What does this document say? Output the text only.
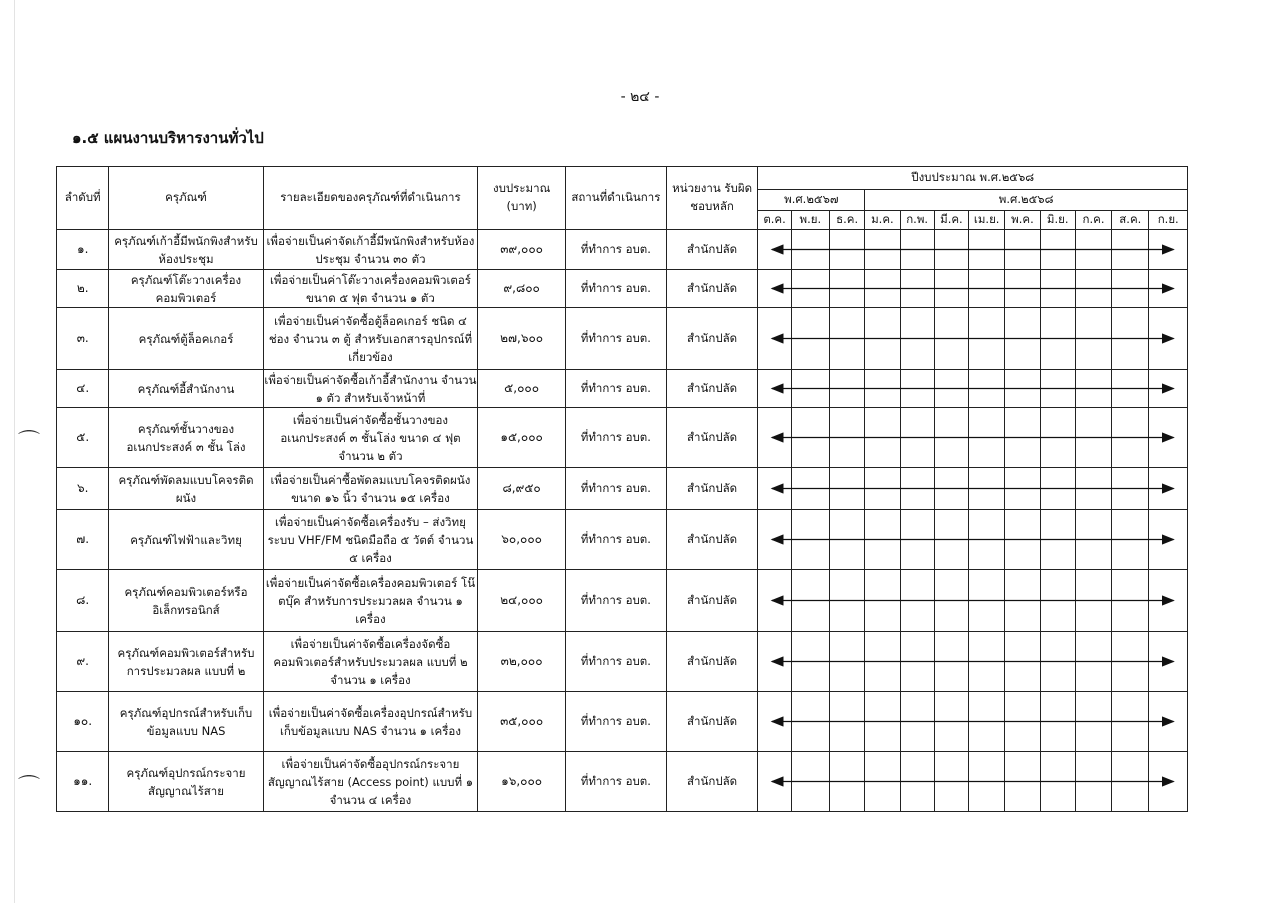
⌒
⌒
- ๒๔ -
๑.๕ แผนงานบริหารงานทั่วไป
ลำดับที่	ครุภัณฑ์	รายละเอียดของครุภัณฑ์ที่ดำเนินการ	งบประมาณ (บาท)	สถานที่ดำเนินการ	หน่วยงาน รับผิดชอบหลัก	ปีงบประมาณ พ.ศ.๒๕๖๘											
						พ.ศ.๒๕๖๗			พ.ศ.๒๕๖๘								
						ต.ค.	พ.ย.	ธ.ค.	ม.ค.	ก.พ.	มี.ค.	เม.ย.	พ.ค.	มิ.ย.	ก.ค.	ส.ค.	ก.ย.
๑.	ครุภัณฑ์เก้าอี้มีพนักพิงสำหรับห้องประชุม	เพื่อจ่ายเป็นค่าจัดเก้าอี้มีพนักพิงสำหรับห้องประชุม จำนวน ๓๐ ตัว	๓๙,๐๐๐	ที่ทำการ อบต.	สำนักปลัด												
๒.	ครุภัณฑ์โต๊ะวางเครื่องคอมพิวเตอร์	เพื่อจ่ายเป็นค่าโต๊ะวางเครื่องคอมพิวเตอร์ ขนาด ๕ ฟุต จำนวน ๑ ตัว	๙,๘๐๐	ที่ทำการ อบต.	สำนักปลัด												
๓.	ครุภัณฑ์ตู้ล็อคเกอร์	เพื่อจ่ายเป็นค่าจัดซื้อตู้ล็อคเกอร์ ชนิด ๔ ช่อง จำนวน ๓ ตู้ สำหรับเอกสารอุปกรณ์ที่เกี่ยวข้อง	๒๗,๖๐๐	ที่ทำการ อบต.	สำนักปลัด												
๔.	ครุภัณฑ์อี้สำนักงาน	เพื่อจ่ายเป็นค่าจัดซื้อเก้าอี้สำนักงาน จำนวน ๑ ตัว สำหรับเจ้าหน้าที่	๕,๐๐๐	ที่ทำการ อบต.	สำนักปลัด												
๕.	ครุภัณฑ์ชั้นวางของอเนกประสงค์ ๓ ชั้น โล่ง	เพื่อจ่ายเป็นค่าจัดซื้อชั้นวางของอเนกประสงค์ ๓ ชั้นโล่ง ขนาด ๔ ฟุต จำนวน ๒ ตัว	๑๕,๐๐๐	ที่ทำการ อบต.	สำนักปลัด												
๖.	ครุภัณฑ์พัดลมแบบโคจรติดผนัง	เพื่อจ่ายเป็นค่าซื้อพัดลมแบบโคจรติดผนัง ขนาด ๑๖ นิ้ว จำนวน ๑๕ เครื่อง	๘,๙๕๐	ที่ทำการ อบต.	สำนักปลัด												
๗.	ครุภัณฑ์ไฟฟ้าและวิทยุ	เพื่อจ่ายเป็นค่าจัดซื้อเครื่องรับ – ส่งวิทยุ ระบบ VHF/FM ชนิดมือถือ ๕ วัตต์ จำนวน ๕ เครื่อง	๖๐,๐๐๐	ที่ทำการ อบต.	สำนักปลัด												
๘.	ครุภัณฑ์คอมพิวเตอร์หรืออิเล็กทรอนิกส์	เพื่อจ่ายเป็นค่าจัดซื้อเครื่องคอมพิวเตอร์ โน๊ตบุ๊ค สำหรับการประมวลผล จำนวน ๑ เครื่อง	๒๔,๐๐๐	ที่ทำการ อบต.	สำนักปลัด												
๙.	ครุภัณฑ์คอมพิวเตอร์สำหรับการประมวลผล แบบที่ ๒	เพื่อจ่ายเป็นค่าจัดซื้อเครื่องจัดซื้อ คอมพิวเตอร์สำหรับประมวลผล แบบที่ ๒ จำนวน ๑ เครื่อง	๓๒,๐๐๐	ที่ทำการ อบต.	สำนักปลัด												
๑๐.	ครุภัณฑ์อุปกรณ์สำหรับเก็บข้อมูลแบบ NAS	เพื่อจ่ายเป็นค่าจัดซื้อเครื่องอุปกรณ์สำหรับเก็บข้อมูลแบบ NAS จำนวน ๑ เครื่อง	๓๕,๐๐๐	ที่ทำการ อบต.	สำนักปลัด												
๑๑.	ครุภัณฑ์อุปกรณ์กระจายสัญญาณไร้สาย	เพื่อจ่ายเป็นค่าจัดซื้ออุปกรณ์กระจายสัญญาณไร้สาย (Access point) แบบที่ ๑ จำนวน ๔ เครื่อง	๑๖,๐๐๐	ที่ทำการ อบต.	สำนักปลัด												
